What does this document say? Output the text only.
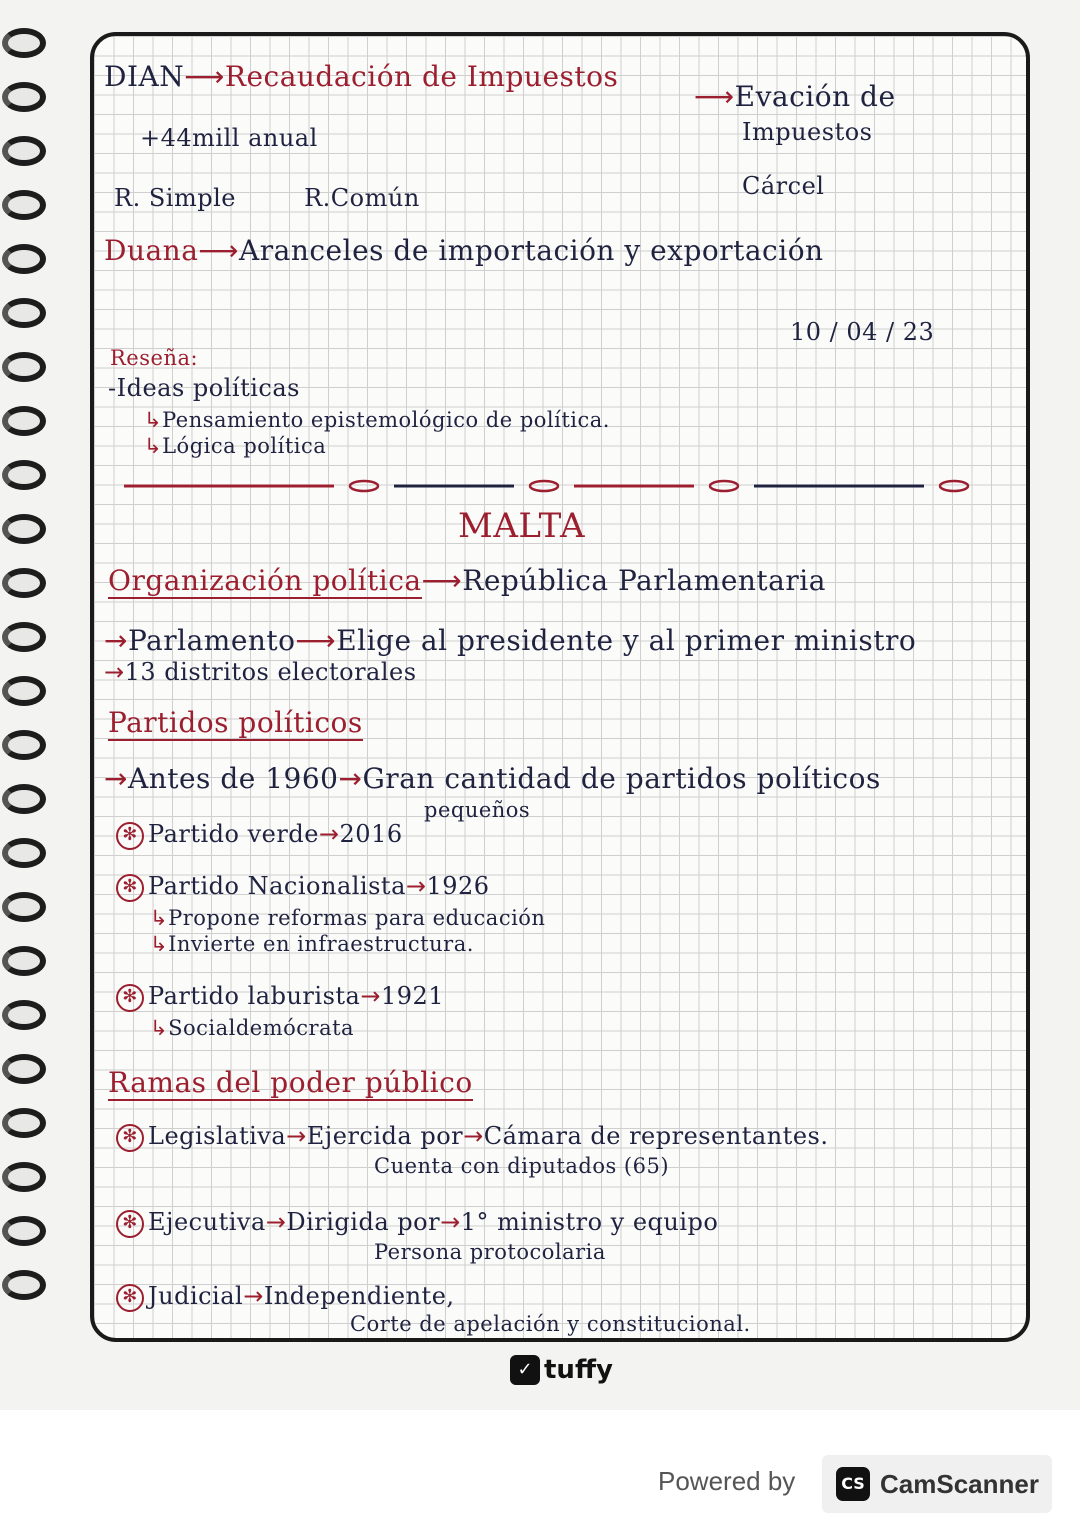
DIAN⟶Recaudación de Impuestos
⟶Evación de
Impuestos
Cárcel
+44mill anual
R. Simple	R.Común
Duana⟶Aranceles de importación y exportación
10 / 04 / 23
Reseña:
-Ideas políticas
↳Pensamiento epistemológico de política.
↳Lógica política
MALTA
Organización política⟶República Parlamentaria
→Parlamento⟶Elige al presidente y al primer ministro
→13 distritos electorales
Partidos políticos
→Antes de 1960→Gran cantidad de partidos políticos
pequeños
✻ Partido verde→2016
✻ Partido Nacionalista→1926
↳Propone reformas para educación
↳Invierte en infraestructura.
✻ Partido laburista→1921
↳Socialdemócrata
Ramas del poder público
✻ Legislativa→Ejercida por→Cámara de representantes.
Cuenta con diputados (65)
✻ Ejecutiva→Dirigida por→1° ministro y equipo
Persona protocolaria
✻ Judicial→Independiente,
Corte de apelación y constitucional.
✓ tuffy
Powered by	CS CamScanner
